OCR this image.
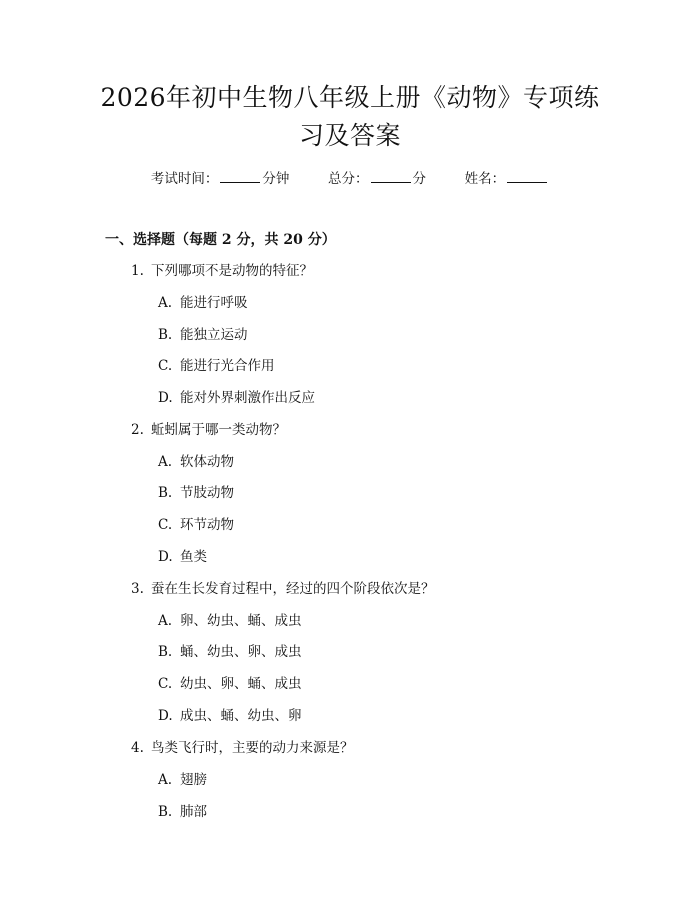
2026年初中生物八年级上册《动物》专项练
习及答案
考试时间：	分钟	总分：	分	姓名：
一、选择题（每题 2 分，共 20 分）
1. 下列哪项不是动物的特征？
A. 能进行呼吸
B. 能独立运动
C. 能进行光合作用
D. 能对外界刺激作出反应
2. 蚯蚓属于哪一类动物？
A. 软体动物
B. 节肢动物
C. 环节动物
D. 鱼类
3. 蚕在生长发育过程中，经过的四个阶段依次是？
A. 卵、幼虫、蛹、成虫
B. 蛹、幼虫、卵、成虫
C. 幼虫、卵、蛹、成虫
D. 成虫、蛹、幼虫、卵
4. 鸟类飞行时，主要的动力来源是？
A. 翅膀
B. 肺部
